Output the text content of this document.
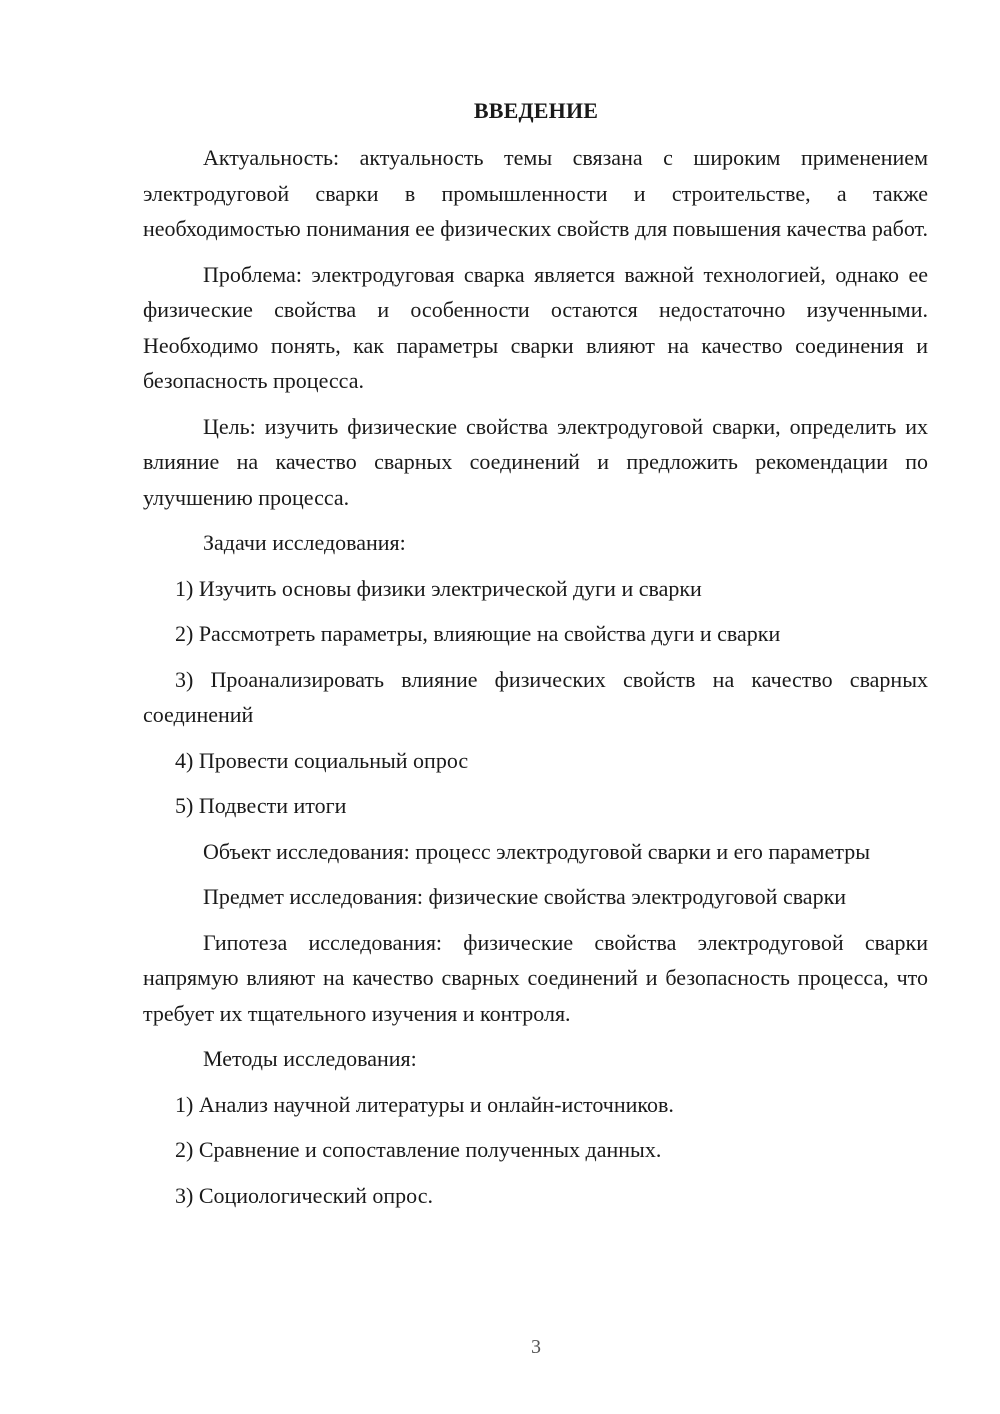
ВВЕДЕНИЕ

Актуальность: актуальность темы связана с широким применением электродуговой сварки в промышленности и строительстве, а также необходимостью понимания ее физических свойств для повышения качества работ.

Проблема: электродуговая сварка является важной технологией, однако ее физические свойства и особенности остаются недостаточно изученными. Необходимо понять, как параметры сварки влияют на качество соединения и безопасность процесса.

Цель: изучить физические свойства электродуговой сварки, определить их влияние на качество сварных соединений и предложить рекомендации по улучшению процесса.

Задачи исследования:

1) Изучить основы физики электрической дуги и сварки

2) Рассмотреть параметры, влияющие на свойства дуги и сварки

3) Проанализировать влияние физических свойств на качество сварных соединений

4) Провести социальный опрос

5) Подвести итоги

Объект исследования: процесс электродуговой сварки и его параметры

Предмет исследования: физические свойства электродуговой сварки

Гипотеза исследования: физические свойства электродуговой сварки напрямую влияют на качество сварных соединений и безопасность процесса, что требует их тщательного изучения и контроля.

Методы исследования:

1) Анализ научной литературы и онлайн-источников.

2) Сравнение и сопоставление полученных данных.

3) Социологический опрос.

3
